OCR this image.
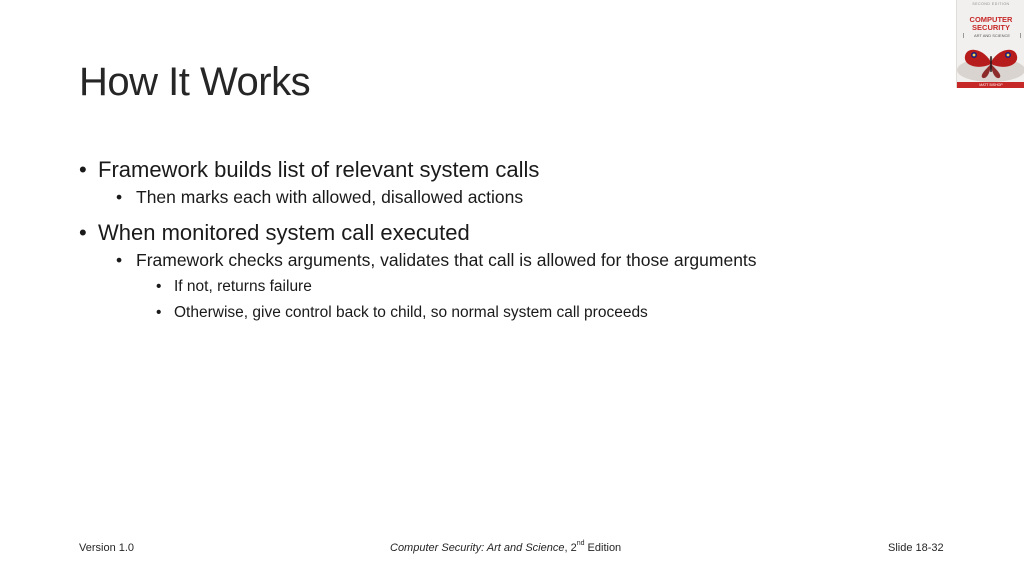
How It Works
• Framework builds list of relevant system calls
• Then marks each with allowed, disallowed actions
• When monitored system call executed
• Framework checks arguments, validates that call is allowed for those arguments
• If not, returns failure
• Otherwise, give control back to child, so normal system call proceeds
SECOND EDITION
COMPUTER
SECURITY
ART AND SCIENCE
MATT BISHOP
Version 1.0	Computer Security: Art and Science, 2nd Edition	Slide 18-32
